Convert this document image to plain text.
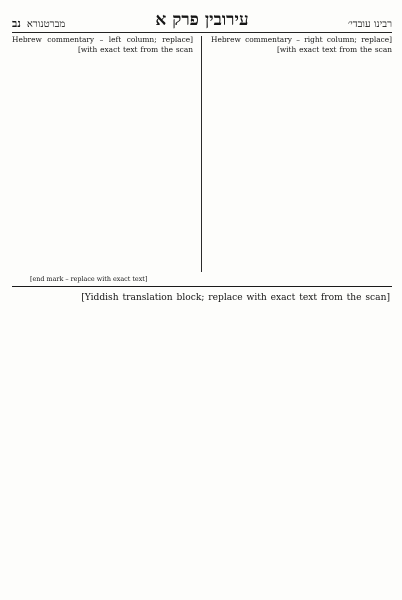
רבינו עובדי׳
עירובין פרק א
מברטנורא
נב

[Hebrew commentary – right column; replace with exact text from the scan]

[Hebrew commentary – left column; replace with exact text from the scan]

[end mark – replace with exact text]

[Yiddish translation block; replace with exact text from the scan]
